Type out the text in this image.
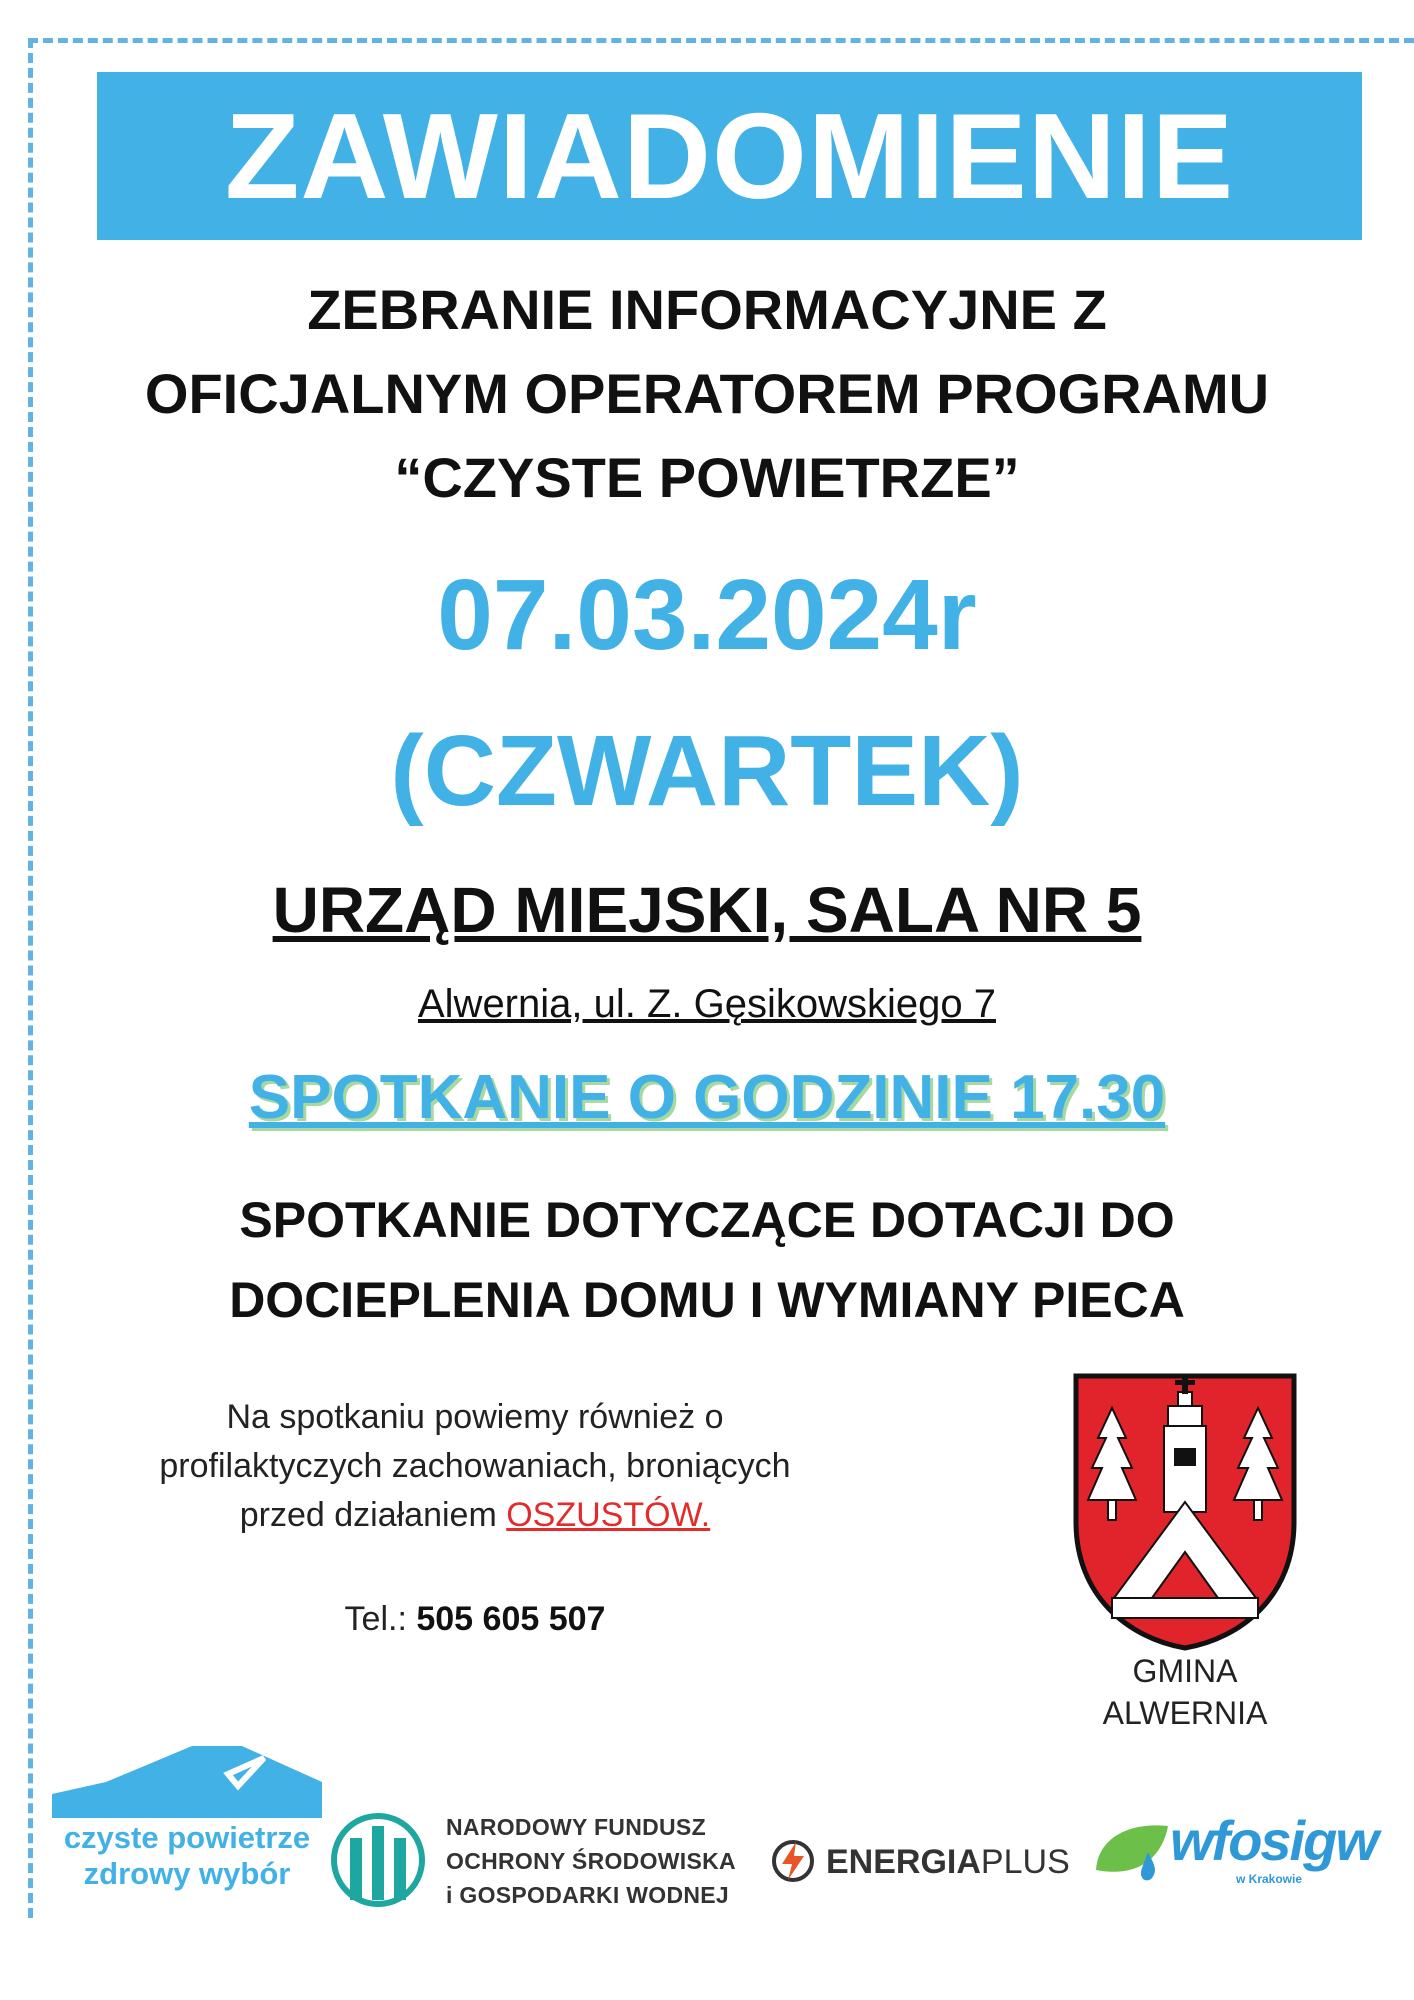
ZAWIADOMIENIE
ZEBRANIE INFORMACYJNE Z
OFICJALNYM OPERATOREM PROGRAMU
“CZYSTE POWIETRZE”
07.03.2024r
(CZWARTEK)
URZĄD MIEJSKI, SALA NR 5
Alwernia, ul. Z. Gęsikowskiego 7
SPOTKANIE O GODZINIE 17.30
SPOTKANIE DOTYCZĄCE DOTACJI DO
DOCIEPLENIA DOMU I WYMIANY PIECA
Na spotkaniu powiemy również o
profilaktyczych zachowaniach, broniących
przed działaniem OSZUSTÓW.
Tel.: 505 605 507
GMINA
ALWERNIA
czyste powietrze
zdrowy wybór
NARODOWY FUNDUSZ
OCHRONY ŚRODOWISKA
i GOSPODARKI WODNEJ
ENERGIAPLUS wfosigw
w Krakowie
